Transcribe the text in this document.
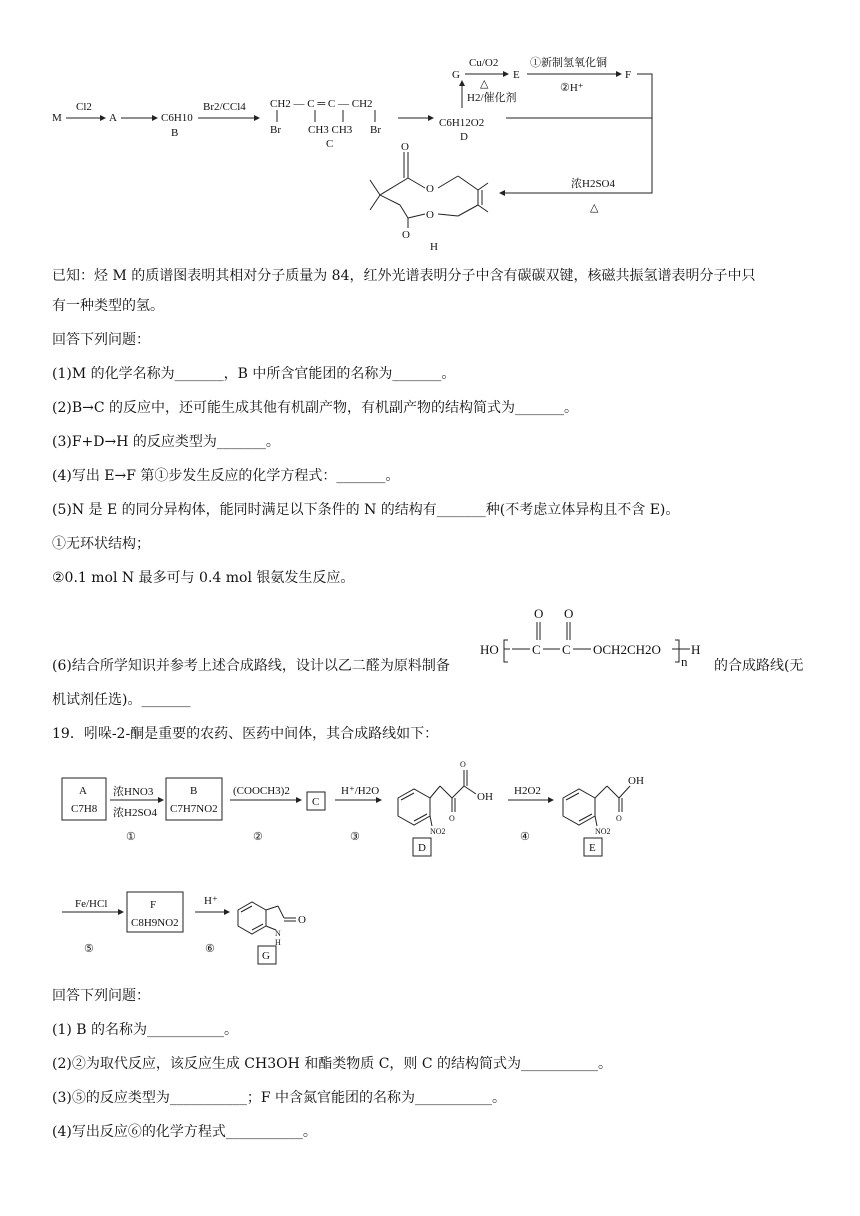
M
Cl2
A	C6H10
B
Br2/CCl4 CH2 — C ═ C — CH2
Br CH3 CH3 Br
C
C6H12O2
D
H2/催化剂
G
Cu/O2
△
E
①新制氢氧化铜
②H⁺
F
浓H2SO4
△
O
O
O
O
H
已知：烃 M 的质谱图表明其相对分子质量为 84，红外光谱表明分子中含有碳碳双键，核磁共振氢谱表明分子中只
有一种类型的氢。
回答下列问题：
(1)M 的化学名称为_______，B 中所含官能团的名称为_______。
(2)B→C 的反应中，还可能生成其他有机副产物，有机副产物的结构简式为_______。
(3)F+D→H 的反应类型为_______。
(4)写出 E→F 第①步发生反应的化学方程式：_______。
(5)N 是 E 的同分异构体，能同时满足以下条件的 N 的结构有_______种(不考虑立体异构且不含 E)。
①无环状结构；
②0.1 mol N 最多可与 0.4 mol 银氨发生反应。
(6)结合所学知识并参考上述合成路线，设计以乙二醛为原料制备
HO	C C OCH2CH2O
O O
n
H
的合成路线(无
机试剂任选)。_______
19．吲哚-2-酮是重要的农药、医药中间体，其合成路线如下：
A
C7H8
浓HNO3
浓H2SO4
①
B
C7H7NO2
(COOCH3)2
②
C
H⁺/H2O
③
O
O
OH
NO2
D
H2O2
④
OH
O
NO2
E
Fe/HCl
⑤
F
C8H9NO2
H⁺
⑥
O
N
H
G
回答下列问题：
(1) B 的名称为___________。
(2)②为取代反应，该反应生成 CH3OH 和酯类物质 C，则 C 的结构简式为___________。
(3)⑤的反应类型为___________；F 中含氮官能团的名称为___________。
(4)写出反应⑥的化学方程式___________。
